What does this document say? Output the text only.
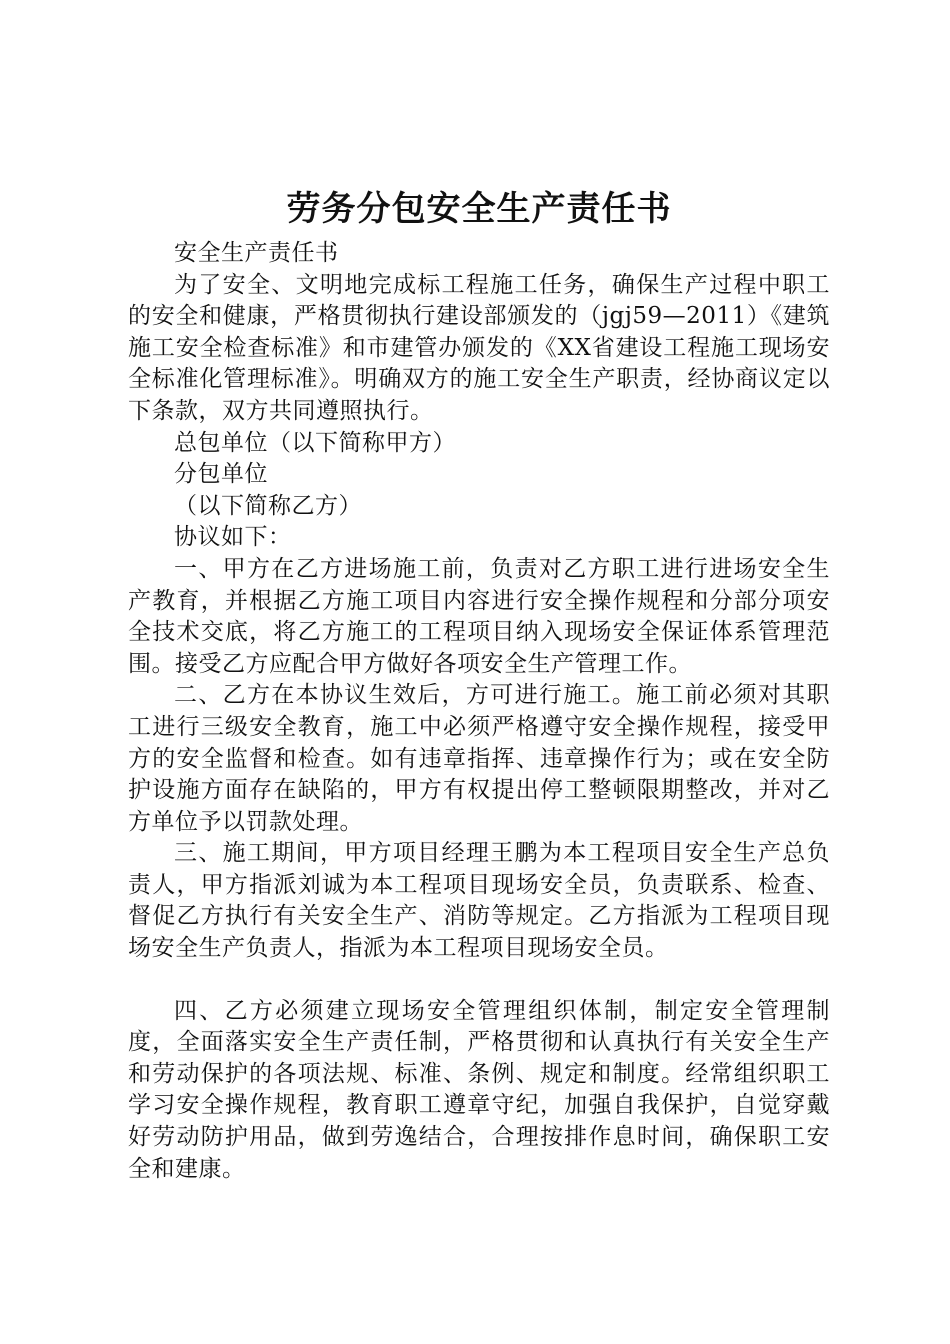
劳务分包安全生产责任书

安全生产责任书

为了安全、文明地完成标工程施工任务，确保生产过程中职工的安全和健康，严格贯彻执行建设部颁发的（jgj59—2011）《建筑施工安全检查标准》和市建管办颁发的《XX省建设工程施工现场安全标准化管理标准》。明确双方的施工安全生产职责，经协商议定以下条款，双方共同遵照执行。

总包单位（以下简称甲方）

分包单位

（以下简称乙方）

协议如下：

一、甲方在乙方进场施工前，负责对乙方职工进行进场安全生产教育，并根据乙方施工项目内容进行安全操作规程和分部分项安全技术交底，将乙方施工的工程项目纳入现场安全保证体系管理范围。接受乙方应配合甲方做好各项安全生产管理工作。

二、乙方在本协议生效后，方可进行施工。施工前必须对其职工进行三级安全教育，施工中必须严格遵守安全操作规程，接受甲方的安全监督和检查。如有违章指挥、违章操作行为；或在安全防护设施方面存在缺陷的，甲方有权提出停工整顿限期整改，并对乙方单位予以罚款处理。

三、施工期间，甲方项目经理王鹏为本工程项目安全生产总负责人，甲方指派刘诚为本工程项目现场安全员，负责联系、检查、督促乙方执行有关安全生产、消防等规定。乙方指派为工程项目现场安全生产负责人，指派为本工程项目现场安全员。

四、乙方必须建立现场安全管理组织体制，制定安全管理制度，全面落实安全生产责任制，严格贯彻和认真执行有关安全生产和劳动保护的各项法规、标准、条例、规定和制度。经常组织职工学习安全操作规程，教育职工遵章守纪，加强自我保护，自觉穿戴好劳动防护用品，做到劳逸结合，合理按排作息时间，确保职工安全和建康。
